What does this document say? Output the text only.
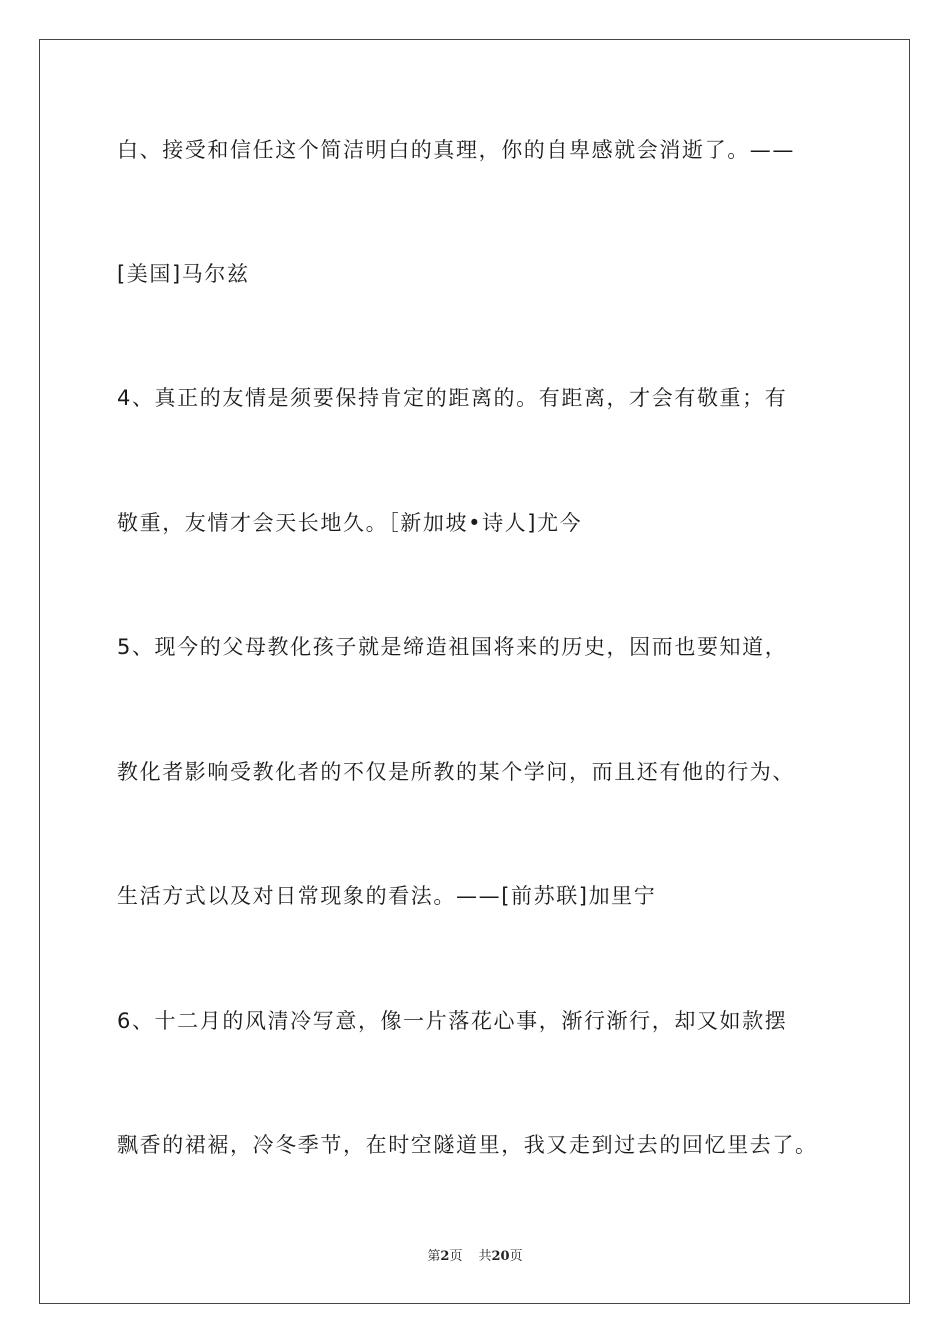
白、接受和信任这个简洁明白的真理，你的自卑感就会消逝了。——
[美国]马尔兹
4、真正的友情是须要保持肯定的距离的。有距离，才会有敬重；有
敬重，友情才会天长地久。［新加坡•诗人]尤今
5、现今的父母教化孩子就是缔造祖国将来的历史，因而也要知道，
教化者影响受教化者的不仅是所教的某个学问，而且还有他的行为、
生活方式以及对日常现象的看法。——[前苏联]加里宁
6、十二月的风清冷写意，像一片落花心事，渐行渐行，却又如款摆
飘香的裙裾，冷冬季节，在时空隧道里，我又走到过去的回忆里去了。
第2页 共20页
